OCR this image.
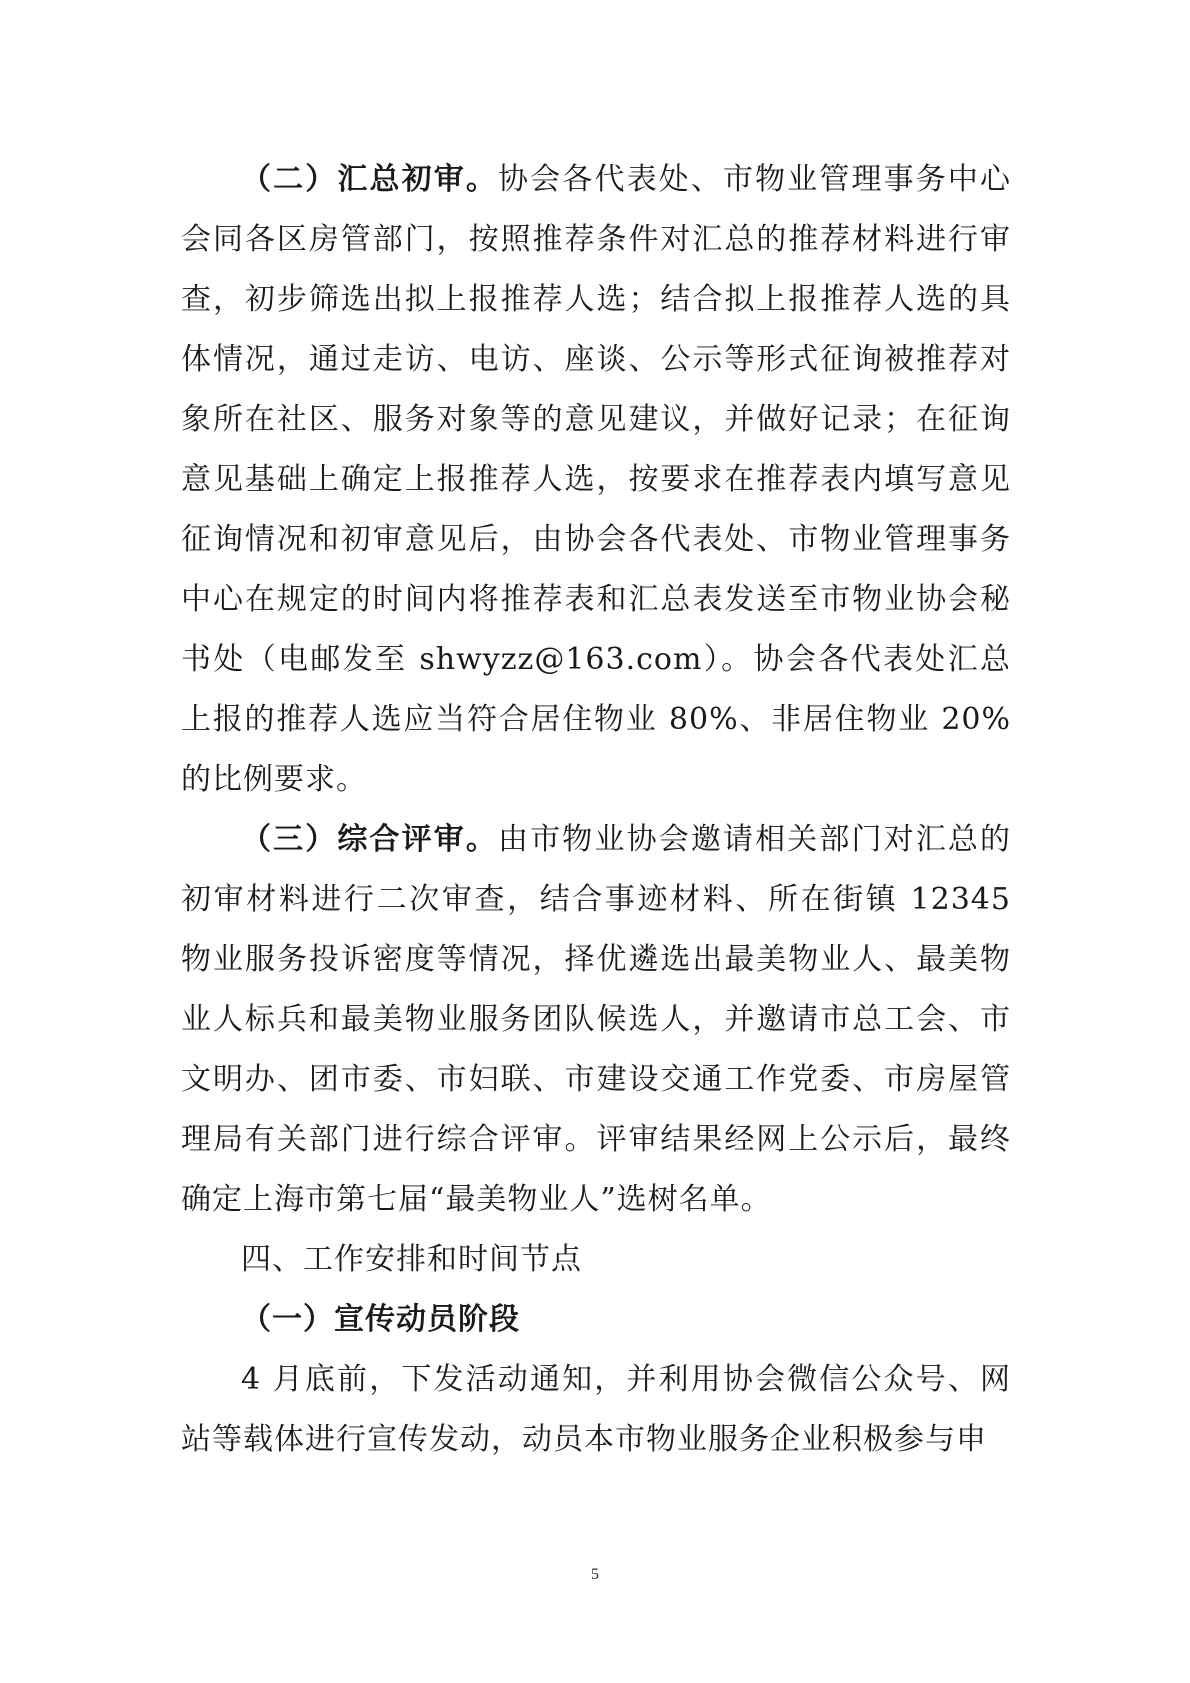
（二）汇总初审。协会各代表处、市物业管理事务中心会同各区房管部门，按照推荐条件对汇总的推荐材料进行审查，初步筛选出拟上报推荐人选；结合拟上报推荐人选的具体情况，通过走访、电访、座谈、公示等形式征询被推荐对象所在社区、服务对象等的意见建议，并做好记录；在征询意见基础上确定上报推荐人选，按要求在推荐表内填写意见征询情况和初审意见后，由协会各代表处、市物业管理事务中心在规定的时间内将推荐表和汇总表发送至市物业协会秘书处（电邮发至 shwyzz@163.com）。协会各代表处汇总上报的推荐人选应当符合居住物业 80%、非居住物业 20%的比例要求。

（三）综合评审。由市物业协会邀请相关部门对汇总的初审材料进行二次审查，结合事迹材料、所在街镇 12345 物业服务投诉密度等情况，择优遴选出最美物业人、最美物业人标兵和最美物业服务团队候选人，并邀请市总工会、市文明办、团市委、市妇联、市建设交通工作党委、市房屋管理局有关部门进行综合评审。评审结果经网上公示后，最终确定上海市第七届“最美物业人”选树名单。

四、工作安排和时间节点

（一）宣传动员阶段

4 月底前，下发活动通知，并利用协会微信公众号、网站等载体进行宣传发动，动员本市物业服务企业积极参与申

5
